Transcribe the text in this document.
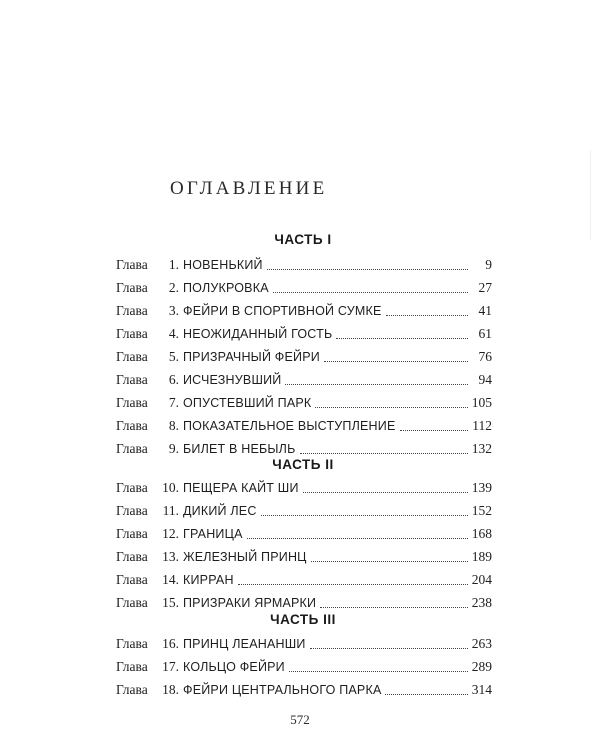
ОГЛАВЛЕНИЕ
ЧАСТЬ I
Глава	1. НОВЕНЬКИЙ	9
Глава	2. ПОЛУКРОВКА	27
Глава	3. ФЕЙРИ В СПОРТИВНОЙ СУМКЕ	41
Глава	4. НЕОЖИДАННЫЙ ГОСТЬ	61
Глава	5. ПРИЗРАЧНЫЙ ФЕЙРИ	76
Глава	6. ИСЧЕЗНУВШИЙ	94
Глава	7. ОПУСТЕВШИЙ ПАРК	105
Глава	8. ПОКАЗАТЕЛЬНОЕ ВЫСТУПЛЕНИЕ	112
Глава	9. БИЛЕТ В НЕБЫЛЬ	132
ЧАСТЬ II
Глава	10. ПЕЩЕРА КАЙТ ШИ	139
Глава	11. ДИКИЙ ЛЕС	152
Глава	12. ГРАНИЦА	168
Глава	13. ЖЕЛЕЗНЫЙ ПРИНЦ	189
Глава	14. КИРРАН	204
Глава	15. ПРИЗРАКИ ЯРМАРКИ	238
ЧАСТЬ III
Глава	16. ПРИНЦ ЛЕАНАНШИ	263
Глава	17. КОЛЬЦО ФЕЙРИ	289
Глава	18. ФЕЙРИ ЦЕНТРАЛЬНОГО ПАРКА	314
572
